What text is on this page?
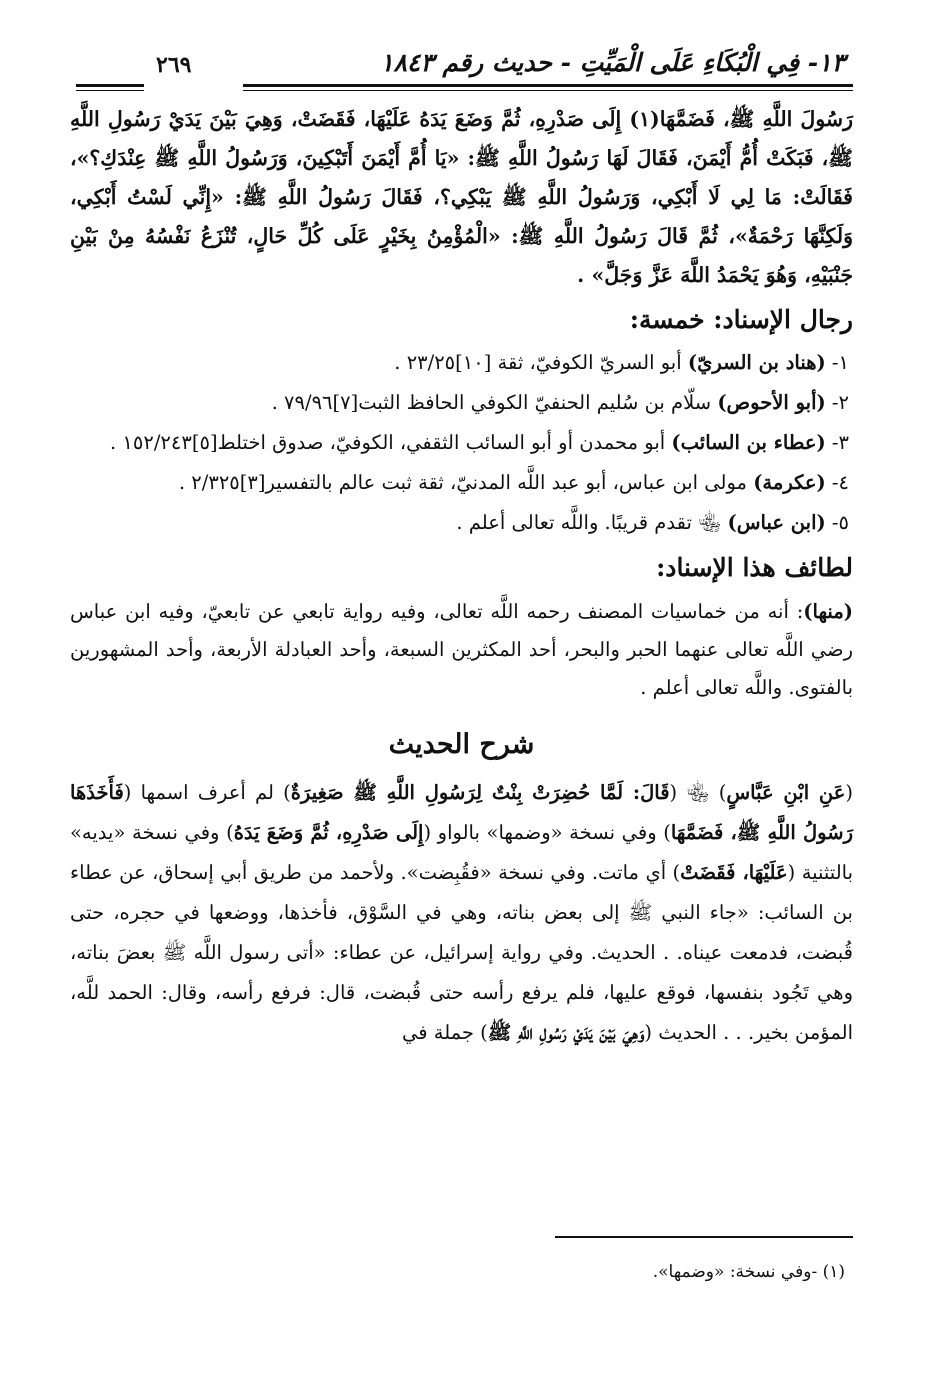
١٣- فِي الْبُكَاءِ عَلَى الْمَيِّتِ - حديث رقم ١٨٤٣
٢٦٩

رَسُولَ اللَّهِ ﷺ، فَضَمَّهَا(١) إِلَى صَدْرِهِ، ثُمَّ وَضَعَ يَدَهُ عَلَيْهَا، فَقَضَتْ، وَهِيَ بَيْنَ يَدَيْ رَسُولِ اللَّهِ ﷺ، فَبَكَتْ أُمُّ أَيْمَنَ، فَقَالَ لَهَا رَسُولُ اللَّهِ ﷺ: «يَا أُمَّ أَيْمَنَ أَتَبْكِينَ، وَرَسُولُ اللَّهِ ﷺ عِنْدَكِ؟»، فَقَالَتْ: مَا لِي لَا أَبْكِي، وَرَسُولُ اللَّهِ ﷺ يَبْكِي؟، فَقَالَ رَسُولُ اللَّهِ ﷺ: «إِنِّي لَسْتُ أَبْكِي، وَلَكِنَّهَا رَحْمَةٌ»، ثُمَّ قَالَ رَسُولُ اللَّهِ ﷺ: «الْمُؤْمِنُ بِخَيْرٍ عَلَى كُلِّ حَالٍ، تُنْزَعُ نَفْسُهُ مِنْ بَيْنِ جَنْبَيْهِ، وَهُوَ يَحْمَدُ اللَّهَ عَزَّ وَجَلَّ» .

رجال الإسناد: خمسة:

١- (هناد بن السريّ) أبو السريّ الكوفيّ، ثقة [١٠]٢٣/٢٥ .

٢- (أبو الأحوص) سلّام بن سُليم الحنفيّ الكوفي الحافظ الثبت[٧]٧٩/٩٦ .

٣- (عطاء بن السائب) أبو محمدن أو أبو السائب الثقفي، الكوفيّ، صدوق اختلط[٥]١٥٢/٢٤٣ .

٤- (عكرمة) مولى ابن عباس، أبو عبد اللَّه المدنيّ، ثقة ثبت عالم بالتفسير[٣]٢/٣٢٥ .

٥- (ابن عباس) ﵄ تقدم قريبًا. واللَّه تعالى أعلم .

لطائف هذا الإسناد:

(منها): أنه من خماسيات المصنف رحمه اللَّه تعالى، وفيه رواية تابعي عن تابعيّ، وفيه ابن عباس رضي اللَّه تعالى عنهما الحبر والبحر، أحد المكثرين السبعة، وأحد العبادلة الأربعة، وأحد المشهورين بالفتوى. واللَّه تعالى أعلم .

شرح الحديث

(عَنِ ابْنِ عَبَّاسٍ) ﵄ (قَالَ: لَمَّا حُضِرَتْ بِنْتٌ لِرَسُولِ اللَّهِ ﷺ صَغِيرَةٌ) لم أعرف اسمها (فَأَخَذَهَا رَسُولُ اللَّهِ ﷺ، فَضَمَّهَا) وفي نسخة «وضمها» بالواو (إِلَى صَدْرِهِ، ثُمَّ وَضَعَ يَدَهُ) وفي نسخة «يديه» بالتثنية (عَلَيْهَا، فَقَضَتْ) أي ماتت. وفي نسخة «فقُبِضت». ولأحمد من طريق أبي إسحاق، عن عطاء بن السائب: «جاء النبي ﷺ إلى بعض بناته، وهي في السَّوْق، فأخذها، ووضعها في حجره، حتى قُبضت، فدمعت عيناه. . الحديث. وفي رواية إسرائيل، عن عطاء: «أتى رسول اللَّه ﷺ بعضَ بناته، وهي تَجُود بنفسها، فوقع عليها، فلم يرفع رأسه حتى قُبضت، قال: فرفع رأسه، وقال: الحمد للَّه، المؤمن بخير. . . الحديث (وَهِيَ بَيْنَ يَدَيْ رَسُولِ اللَّهِ ﷺ) جملة في

(١) -وفي نسخة: «وضمها».
